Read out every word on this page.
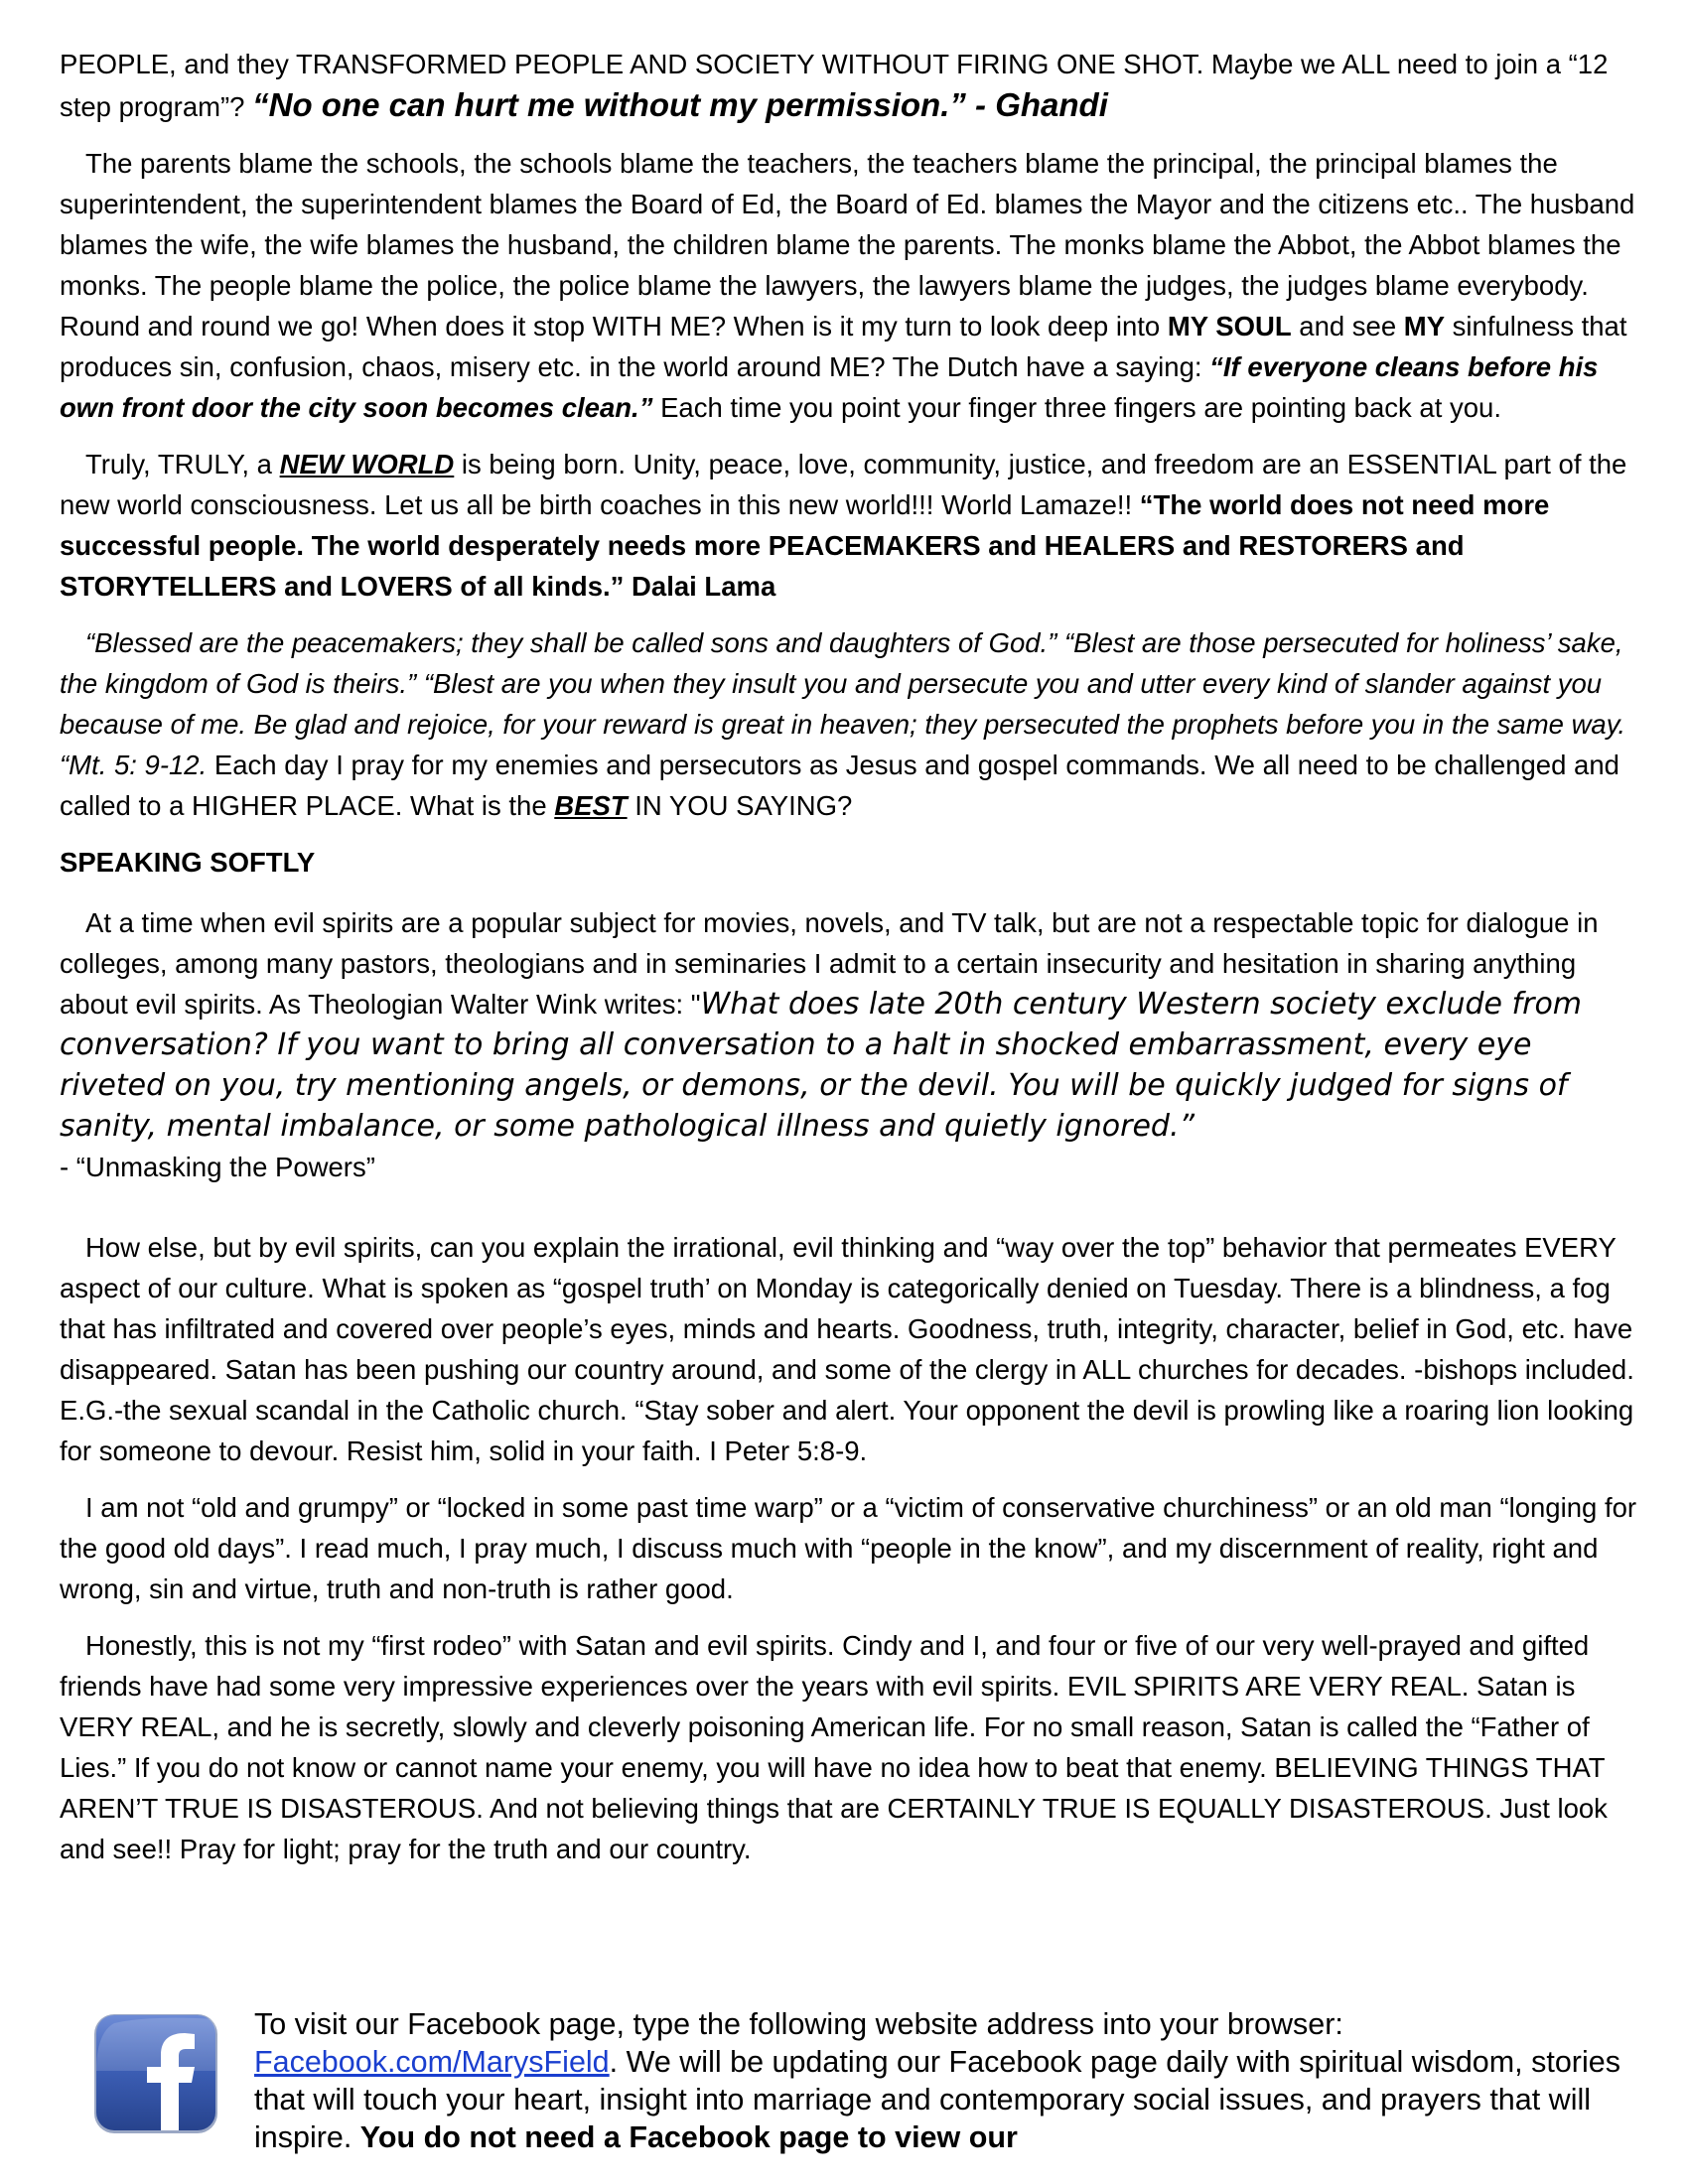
PEOPLE, and they TRANSFORMED PEOPLE AND SOCIETY WITHOUT FIRING ONE SHOT. Maybe we ALL need to join a “12 step program”? “No one can hurt me without my permission.” - Ghandi

The parents blame the schools, the schools blame the teachers, the teachers blame the principal, the principal blames the superintendent, the superintendent blames the Board of Ed, the Board of Ed. blames the Mayor and the citizens etc.. The husband blames the wife, the wife blames the husband, the children blame the parents. The monks blame the Abbot, the Abbot blames the monks. The people blame the police, the police blame the lawyers, the lawyers blame the judges, the judges blame everybody. Round and round we go! When does it stop WITH ME? When is it my turn to look deep into MY SOUL and see MY sinfulness that produces sin, confusion, chaos, misery etc. in the world around ME? The Dutch have a saying: “If everyone cleans before his own front door the city soon becomes clean.” Each time you point your finger three fingers are pointing back at you.

Truly, TRULY, a NEW WORLD is being born. Unity, peace, love, community, justice, and freedom are an ESSENTIAL part of the new world consciousness. Let us all be birth coaches in this new world!!! World Lamaze!! “The world does not need more successful people. The world desperately needs more PEACEMAKERS and HEALERS and RESTORERS and STORYTELLERS and LOVERS of all kinds.” Dalai Lama

“Blessed are the peacemakers; they shall be called sons and daughters of God.” “Blest are those persecuted for holiness’ sake, the kingdom of God is theirs.” “Blest are you when they insult you and persecute you and utter every kind of slander against you because of me. Be glad and rejoice, for your reward is great in heaven; they persecuted the prophets before you in the same way. “Mt. 5: 9-12. Each day I pray for my enemies and persecutors as Jesus and gospel commands. We all need to be challenged and called to a HIGHER PLACE. What is the BEST IN YOU SAYING?

SPEAKING SOFTLY

At a time when evil spirits are a popular subject for movies, novels, and TV talk, but are not a respectable topic for dialogue in colleges, among many pastors, theologians and in seminaries I admit to a certain insecurity and hesitation in sharing anything about evil spirits. As Theologian Walter Wink writes: "What does late 20th century Western society exclude from conversation? If you want to bring all conversation to a halt in shocked embarrassment, every eye riveted on you, try mentioning angels, or demons, or the devil. You will be quickly judged for signs of sanity, mental imbalance, or some pathological illness and quietly ignored.”

- “Unmasking the Powers”

How else, but by evil spirits, can you explain the irrational, evil thinking and “way over the top” behavior that permeates EVERY aspect of our culture. What is spoken as “gospel truth’ on Monday is categorically denied on Tuesday. There is a blindness, a fog that has infiltrated and covered over people’s eyes, minds and hearts. Goodness, truth, integrity, character, belief in God, etc. have disappeared. Satan has been pushing our country around, and some of the clergy in ALL churches for decades. -bishops included. E.G.-the sexual scandal in the Catholic church. “Stay sober and alert. Your opponent the devil is prowling like a roaring lion looking for someone to devour. Resist him, solid in your faith. I Peter 5:8-9.

I am not “old and grumpy” or “locked in some past time warp” or a “victim of conservative churchiness” or an old man “longing for the good old days”. I read much, I pray much, I discuss much with “people in the know”, and my discernment of reality, right and wrong, sin and virtue, truth and non-truth is rather good.

Honestly, this is not my “first rodeo” with Satan and evil spirits. Cindy and I, and four or five of our very well-prayed and gifted friends have had some very impressive experiences over the years with evil spirits. EVIL SPIRITS ARE VERY REAL. Satan is VERY REAL, and he is secretly, slowly and cleverly poisoning American life. For no small reason, Satan is called the “Father of Lies.” If you do not know or cannot name your enemy, you will have no idea how to beat that enemy. BELIEVING THINGS THAT AREN’T TRUE IS DISASTEROUS. And not believing things that are CERTAINLY TRUE IS EQUALLY DISASTEROUS. Just look and see!! Pray for light; pray for the truth and our country.

To visit our Facebook page, type the following website address into your browser: Facebook.com/MarysField. We will be updating our Facebook page daily with spiritual wisdom, stories that will touch your heart, insight into marriage and contemporary social issues, and prayers that will inspire. You do not need a Facebook page to view our
